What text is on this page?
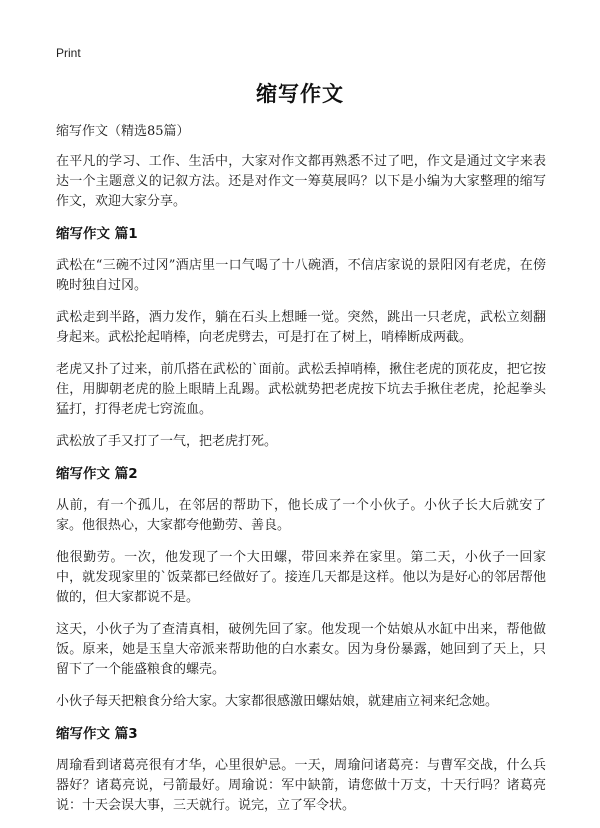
Print
缩写作文

缩写作文（精选85篇）

在平凡的学习、工作、生活中，大家对作文都再熟悉不过了吧，作文是通过文字来表达一个主题意义的记叙方法。还是对作文一筹莫展吗？以下是小编为大家整理的缩写作文，欢迎大家分享。

缩写作文 篇1

武松在“三碗不过冈”酒店里一口气喝了十八碗酒，不信店家说的景阳冈有老虎，在傍晚时独自过冈。

武松走到半路，酒力发作，躺在石头上想睡一觉。突然，跳出一只老虎，武松立刻翻身起来。武松抡起哨棒，向老虎劈去，可是打在了树上，哨棒断成两截。

老虎又扑了过来，前爪搭在武松的`面前。武松丢掉哨棒，揪住老虎的顶花皮，把它按住，用脚朝老虎的脸上眼睛上乱踢。武松就势把老虎按下坑去手揪住老虎，抡起拳头猛打，打得老虎七窍流血。

武松放了手又打了一气，把老虎打死。

缩写作文 篇2

从前，有一个孤儿，在邻居的帮助下，他长成了一个小伙子。小伙子长大后就安了家。他很热心，大家都夸他勤劳、善良。

他很勤劳。一次，他发现了一个大田螺，带回来养在家里。第二天，小伙子一回家中，就发现家里的`饭菜都已经做好了。接连几天都是这样。他以为是好心的邻居帮他做的，但大家都说不是。

这天，小伙子为了查清真相，破例先回了家。他发现一个姑娘从水缸中出来，帮他做饭。原来，她是玉皇大帝派来帮助他的白水素女。因为身份暴露，她回到了天上，只留下了一个能盛粮食的螺壳。

小伙子每天把粮食分给大家。大家都很感激田螺姑娘，就建庙立祠来纪念她。

缩写作文 篇3

周瑜看到诸葛亮很有才华，心里很妒忌。一天，周瑜问诸葛亮：与曹军交战，什么兵器好？诸葛亮说，弓箭最好。周瑜说：军中缺箭，请您做十万支，十天行吗？诸葛亮说：十天会误大事，三天就行。说完，立了军令状。
